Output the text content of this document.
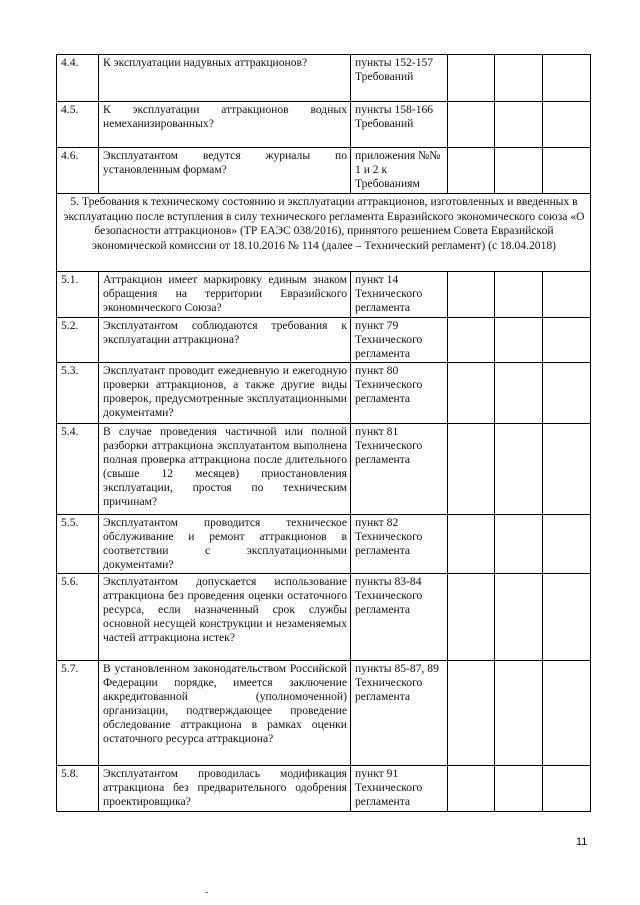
4.4.	К эксплуатации надувных аттракционов?	пункты 152-157 Требований			
4.5.	К эксплуатации аттракционов водных немеханизированных?	пункты 158-166 Требований			
4.6.	Эксплуатантом ведутся журналы по установленным формам?	приложения №№ 1 и 2 к Требованиям			
5. Требования к техническому состоянию и эксплуатации аттракционов, изготовленных и введенных в эксплуатацию после вступления в силу технического регламента Евразийского экономического союза «О безопасности аттракционов» (ТР ЕАЭС 038/2016), принятого решением Совета Евразийской экономической комиссии от 18.10.2016 № 114 (далее – Технический регламент) (с 18.04.2018)					
5.1.	Аттракцион имеет маркировку единым знаком обращения на территории Евразийского экономического Союза?	пункт 14 Технического регламента			
5.2.	Эксплуатантом соблюдаются требования к эксплуатации аттракциона?	пункт 79 Технического регламента			
5.3.	Эксплуатант проводит ежедневную и ежегодную проверки аттракционов, а также другие виды проверок, предусмотренные эксплуатационными документами?	пункт 80 Технического регламента			
5.4.	В случае проведения частичной или полной разборки аттракциона эксплуатантом выполнена полная проверка аттракциона после длительного (свыше 12 месяцев) приостановления эксплуатации, простоя по техническим причинам?	пункт 81 Технического регламента			
5.5.	Эксплуатантом проводится техническое обслуживание и ремонт аттракционов в соответствии с эксплуатационными документами?	пункт 82 Технического регламента			
5.6.	Эксплуатантом допускается использование аттракциона без проведения оценки остаточного ресурса, если назначенный срок службы основной несущей конструкции и незаменяемых частей аттракциона истек?	пункты 83-84 Технического регламента			
5.7.	В установленном законодательством Российской Федерации порядке, имеется заключение аккредитованной (уполномоченной) организации, подтверждающее проведение обследование аттракциона в рамках оценки остаточного ресурса аттракциона?	пункты 85-87, 89 Технического регламента			
5.8.	Эксплуатантом проводилась модификация аттракциона без предварительного одобрения проектировщика?	пункт 91 Технического регламента			
11
